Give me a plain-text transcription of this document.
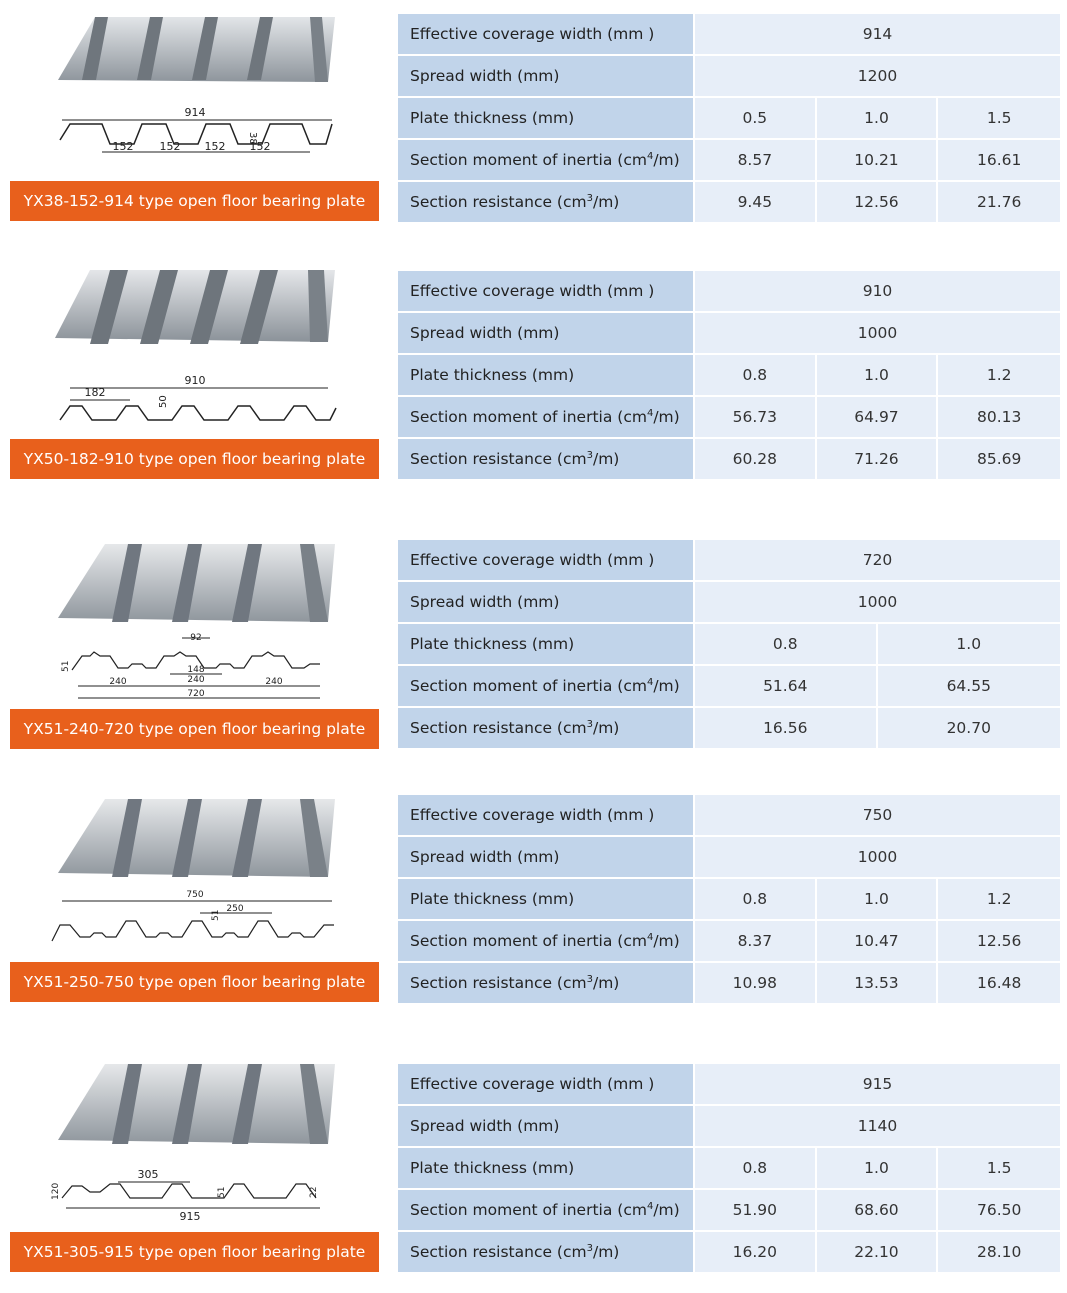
914
152 152 152 152
38
YX38-152-914 type open floor bearing plate
Effective coverage width (mm )	914		
Spread width (mm)	1200		
Plate thickness (mm)	0.5	1.0	1.5
Section moment of inertia $(cm^4/m)$	8.57	10.21	16.61
Section resistance $(cm^3/m)$	9.45	12.56	21.76
910
182
50
YX50-182-910 type open floor bearing plate
Effective coverage width (mm )	910		
Spread width (mm)	1000		
Plate thickness (mm)	0.8	1.0	1.2
Section moment of inertia $(cm^4/m)$	56.73	64.97	80.13
Section resistance $(cm^3/m)$	60.28	71.26	85.69
92
148
240
51
240	240
720
YX51-240-720 type open floor bearing plate
Effective coverage width (mm )	720	
Spread width (mm)	1000	
Plate thickness (mm)	0.8	1.0
Section moment of inertia $(cm^4/m)$	51.64	64.55
Section resistance $(cm^3/m)$	16.56	20.70
750
250
51
YX51-250-750 type open floor bearing plate
Effective coverage width (mm )	750		
Spread width (mm)	1000		
Plate thickness (mm)	0.8	1.0	1.2
Section moment of inertia $(cm^4/m)$	8.37	10.47	12.56
Section resistance $(cm^3/m)$	10.98	13.53	16.48
305
120	51	22
915
YX51-305-915 type open floor bearing plate
Effective coverage width (mm )	915		
Spread width (mm)	1140		
Plate thickness (mm)	0.8	1.0	1.5
Section moment of inertia $(cm^4/m)$	51.90	68.60	76.50
Section resistance $(cm^3/m)$	16.20	22.10	28.10
